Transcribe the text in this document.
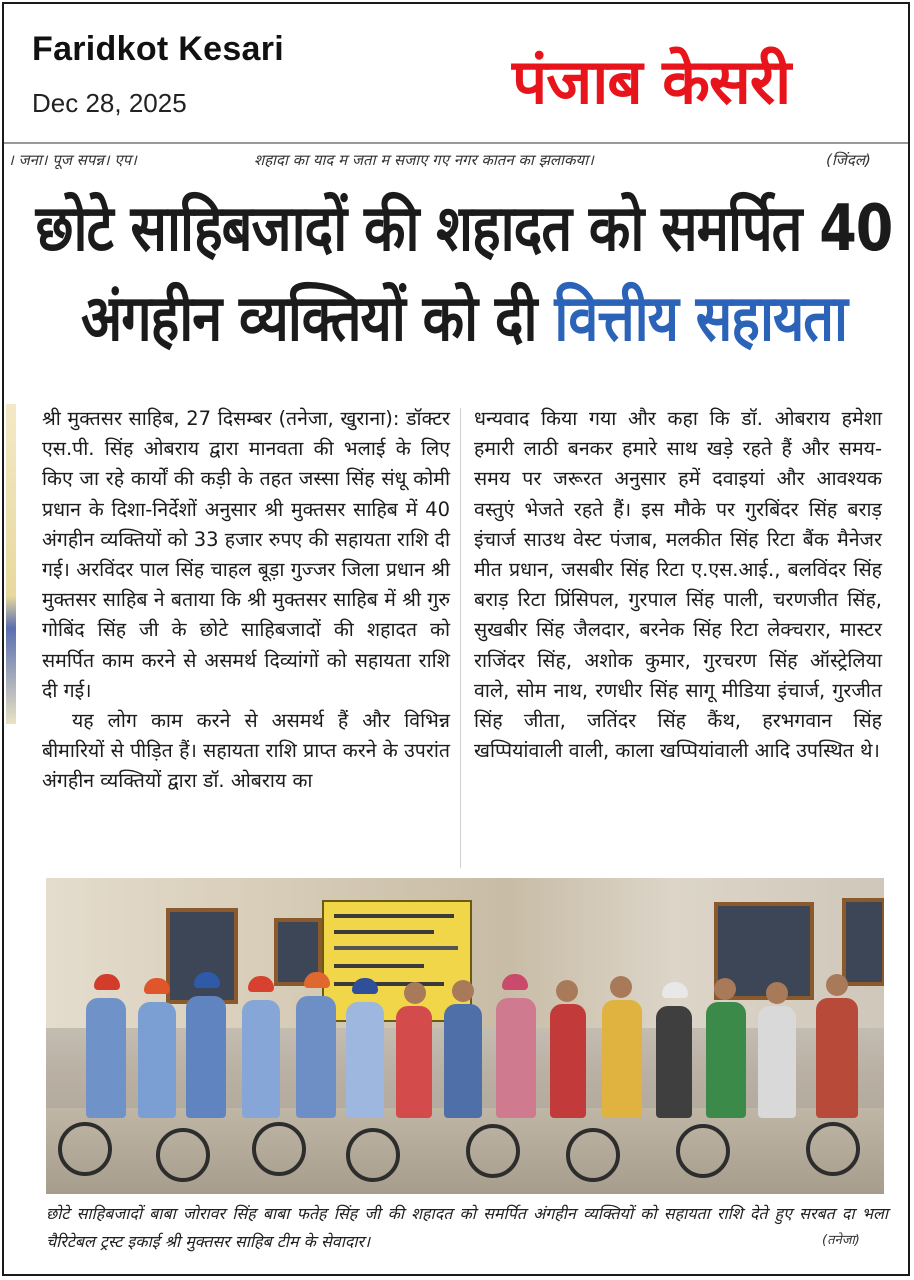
Faridkot Kesari
Dec 28, 2025	पंजाब केसरी
। जना। पूज सपन्न। एप।	शहादा का याद म जता म सजाए गए नगर कातन का झलाकया।	(जिंदल)
छोटे साहिबजादों की शहादत को समर्पित 40
अंगहीन व्यक्तियों को दी वित्तीय सहायता

श्री मुक्तसर साहिब, 27 दिसम्बर (तनेजा, खुराना): डॉक्टर एस.पी. सिंह ओबराय द्वारा मानवता की भलाई के लिए किए जा रहे कार्यों की कड़ी के तहत जस्सा सिंह संधू कोमी प्रधान के दिशा-निर्देशों अनुसार श्री मुक्तसर साहिब में 40 अंगहीन व्यक्तियों को 33 हजार रुपए की सहायता राशि दी गई। अरविंदर पाल सिंह चाहल बूड़ा गुज्जर जिला प्रधान श्री मुक्तसर साहिब ने बताया कि श्री मुक्तसर साहिब में श्री गुरु गोबिंद सिंह जी के छोटे साहिबजादों की शहादत को समर्पित काम करने से असमर्थ दिव्यांगों को सहायता राशि दी गई।

यह लोग काम करने से असमर्थ हैं और विभिन्न बीमारियों से पीड़ित हैं। सहायता राशि प्राप्त करने के उपरांत अंगहीन व्यक्तियों द्वारा डॉ. ओबराय का

धन्यवाद किया गया और कहा कि डॉ. ओबराय हमेशा हमारी लाठी बनकर हमारे साथ खड़े रहते हैं और समय-समय पर जरूरत अनुसार हमें दवाइयां और आवश्यक वस्तुएं भेजते रहते हैं। इस मौके पर गुरबिंदर सिंह बराड़ इंचार्ज साउथ वेस्ट पंजाब, मलकीत सिंह रिटा बैंक मैनेजर मीत प्रधान, जसबीर सिंह रिटा ए.एस.आई., बलविंदर सिंह बराड़ रिटा प्रिंसिपल, गुरपाल सिंह पाली, चरणजीत सिंह, सुखबीर सिंह जैलदार, बरनेक सिंह रिटा लेक्चरार, मास्टर राजिंदर सिंह, अशोक कुमार, गुरचरण सिंह ऑस्ट्रेलिया वाले, सोम नाथ, रणधीर सिंह सागू मीडिया इंचार्ज, गुरजीत सिंह जीता, जतिंदर सिंह कैंथ, हरभगवान सिंह खप्पियांवाली वाली, काला खप्पियांवाली आदि उपस्थित थे।

छोटे साहिबजादों बाबा जोरावर सिंह बाबा फतेह सिंह जी की शहादत को समर्पित अंगहीन व्यक्तियों को सहायता राशि देते हुए सरबत दा भला चैरिटेबल ट्रस्ट इकाई श्री मुक्तसर साहिब टीम के सेवादार।	(तनेजा)
